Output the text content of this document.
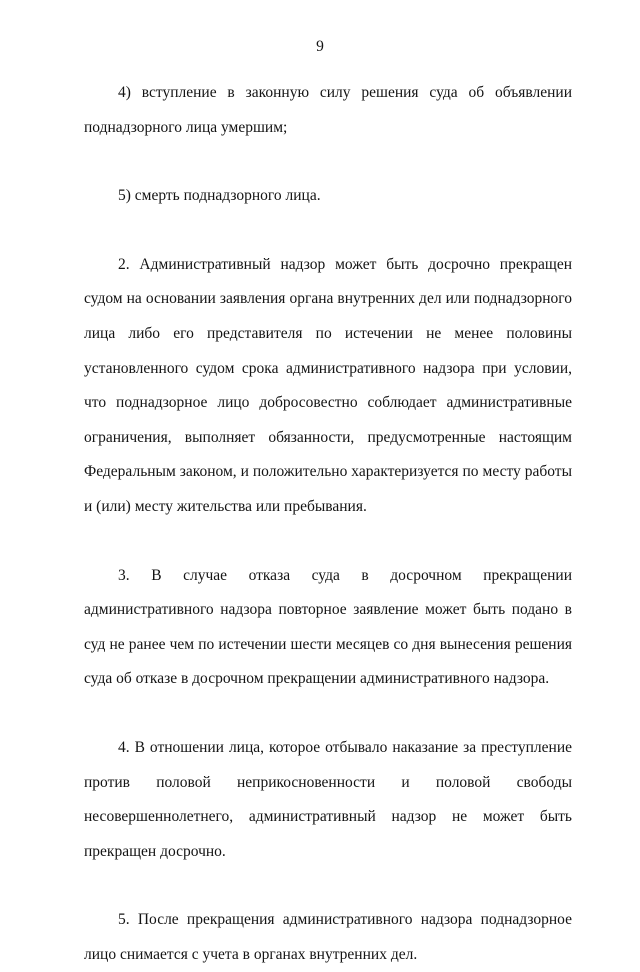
9

4) вступление в законную силу решения суда об объявлении поднадзорного лица умершим;

5) смерть поднадзорного лица.

2. Административный надзор может быть досрочно прекращен судом на основании заявления органа внутренних дел или поднадзорного лица либо его представителя по истечении не менее половины установленного судом срока административного надзора при условии, что поднадзорное лицо добросовестно соблюдает административные ограничения, выполняет обязанности, предусмотренные настоящим Федеральным законом, и положительно характеризуется по месту работы и (или) месту жительства или пребывания.

3. В случае отказа суда в досрочном прекращении административного надзора повторное заявление может быть подано в суд не ранее чем по истечении шести месяцев со дня вынесения решения суда об отказе в досрочном прекращении административного надзора.

4. В отношении лица, которое отбывало наказание за преступление против половой неприкосновенности и половой свободы несовершеннолетнего, административный надзор не может быть прекращен досрочно.

5. После прекращения административного надзора поднадзорное лицо снимается с учета в органах внутренних дел.
